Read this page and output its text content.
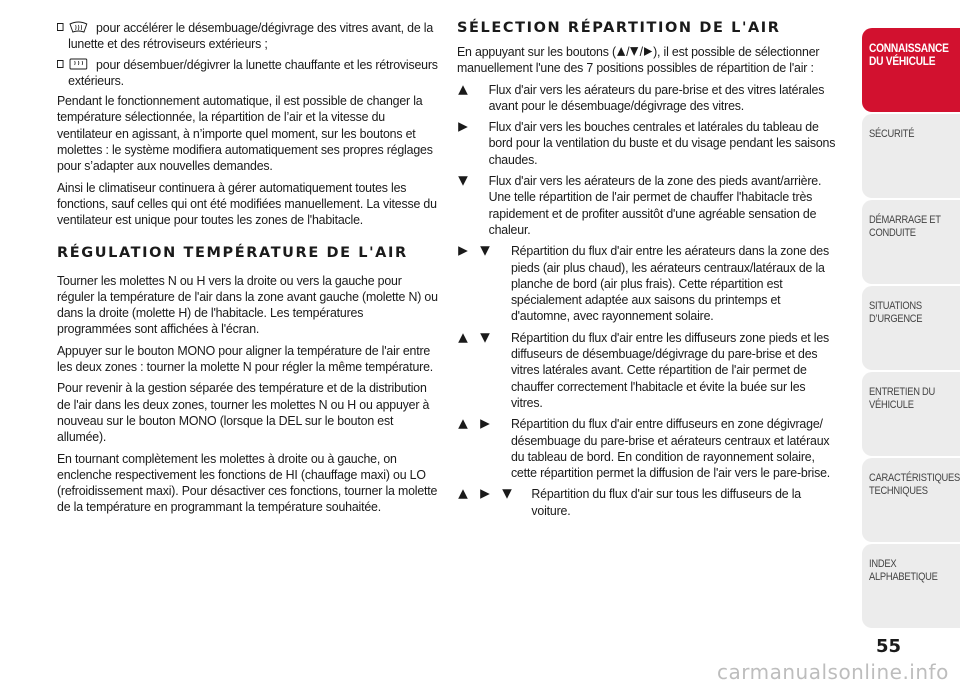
pour accélérer le désembuage/dégivrage des vitres avant, de la lunette et des rétroviseurs extérieurs ;

pour désembuer/dégivrer la lunette chauffante et les rétroviseurs extérieurs.

Pendant le fonctionnement automatique, il est possible de changer la température sélectionnée, la répartition de l’air et la vitesse du ventilateur en agissant, à n’importe quel moment, sur les boutons et molettes : le système modifiera automatiquement ses propres réglages pour s’adapter aux nouvelles demandes.

Ainsi le climatiseur continuera à gérer automatiquement toutes les fonctions, sauf celles qui ont été modifiées manuellement. La vitesse du ventilateur est unique pour toutes les zones de l'habitacle.

RÉGULATION TEMPÉRATURE DE L'AIR

Tourner les molettes N ou H vers la droite ou vers la gauche pour réguler la température de l'air dans la zone avant gauche (molette N) ou dans la droite (molette H) de l'habitacle. Les températures programmées sont affichées à l'écran.

Appuyer sur le bouton MONO pour aligner la température de l'air entre les deux zones : tourner la molette N pour régler la même température.

Pour revenir à la gestion séparée des température et de la distribution de l'air dans les deux zones, tourner les molettes N ou H ou appuyer à nouveau sur le bouton MONO (lorsque la DEL sur le bouton est allumée).

En tournant complètement les molettes à droite ou à gauche, on enclenche respectivement les fonctions de HI (chauffage maxi) ou LO (refroidissement maxi). Pour désactiver ces fonctions, tourner la molette de la température en programmant la température souhaitée.

SÉLECTION RÉPARTITION DE L'AIR

En appuyant sur les boutons ( / / ), il est possible de sélectionner manuellement l'une des 7 positions possibles de répartition de l'air :

Flux d'air vers les aérateurs du pare-brise et des vitres latérales avant pour le désembuage/dégivrage des vitres.

Flux d'air vers les bouches centrales et latérales du tableau de bord pour la ventilation du buste et du visage pendant les saisons chaudes.

Flux d'air vers les aérateurs de la zone des pieds avant/arrière. Une telle répartition de l'air permet de chauffer l'habitacle très rapidement et de profiter aussitôt d'une agréable sensation de chaleur.

Répartition du flux d'air entre les aérateurs dans la zone des pieds (air plus chaud), les aérateurs centraux/latéraux de la planche de bord (air plus frais). Cette répartition est spécialement adaptée aux saisons du printemps et d'automne, avec rayonnement solaire.

Répartition du flux d'air entre les diffuseurs zone pieds et les diffuseurs de désembuage/dégivrage du pare-brise et des vitres latérales avant. Cette répartition de l'air permet de chauffer correctement l'habitacle et évite la buée sur les vitres.

Répartition du flux d'air entre diffuseurs en zone dégivrage/ désembuage du pare-brise et aérateurs centraux et latéraux du tableau de bord. En condition de rayonnement solaire, cette répartition permet la diffusion de l'air vers le pare-brise.

Répartition du flux d'air sur tous les diffuseurs de la voiture.

CONNAISSANCE DU VÉHICULE
SÉCURITÉ
DÉMARRAGE ET CONDUITE
SITUATIONS D’URGENCE
ENTRETIEN DU VÉHICULE
CARACTÉRISTIQUES TECHNIQUES
INDEX ALPHABETIQUE
55
carmanualsonline.info
